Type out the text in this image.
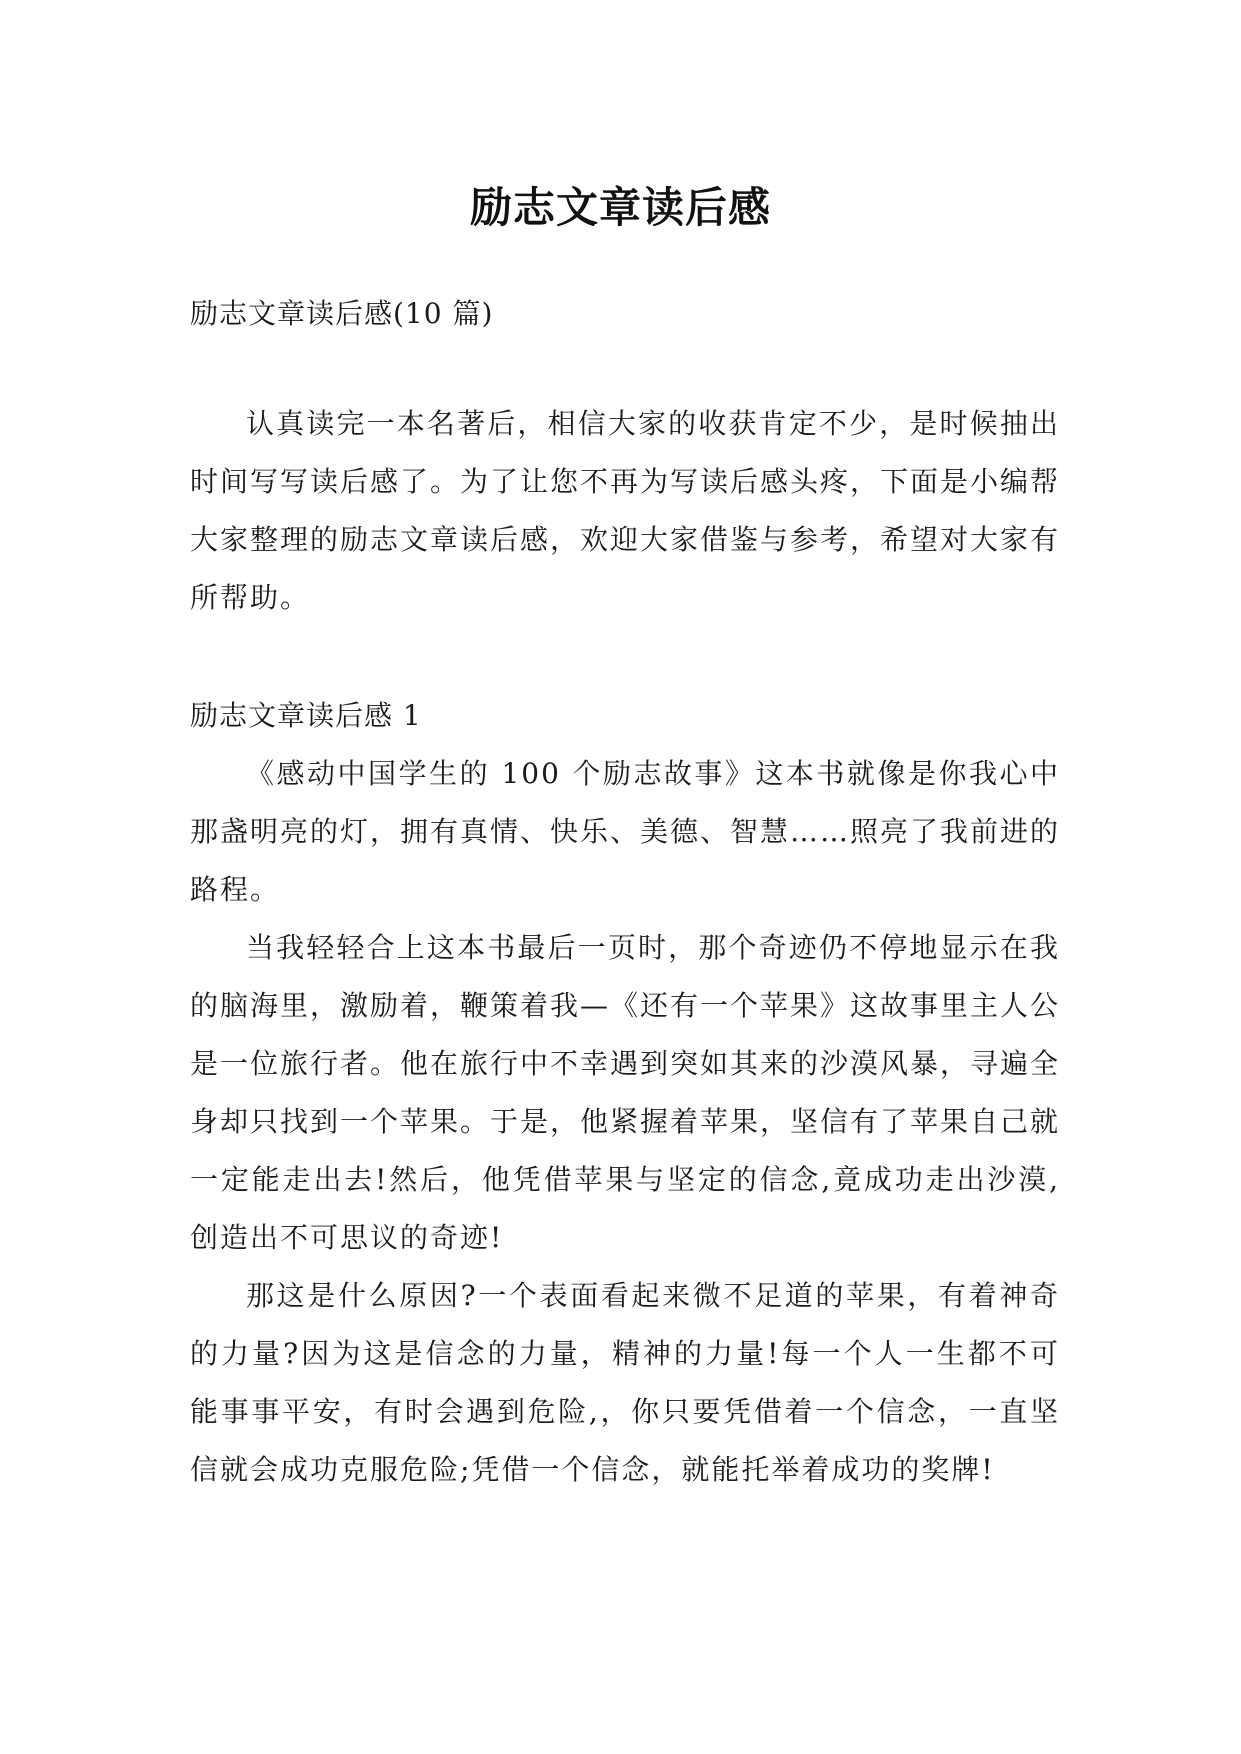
励志文章读后感

励志文章读后感(10 篇)

认真读完一本名著后，相信大家的收获肯定不少，是时候抽出时间写写读后感了。为了让您不再为写读后感头疼，下面是小编帮大家整理的励志文章读后感，欢迎大家借鉴与参考，希望对大家有所帮助。

励志文章读后感 1

《感动中国学生的 100 个励志故事》这本书就像是你我心中那盏明亮的灯，拥有真情、快乐、美德、智慧……照亮了我前进的路程。

当我轻轻合上这本书最后一页时，那个奇迹仍不停地显示在我的脑海里，激励着，鞭策着我—《还有一个苹果》这故事里主人公是一位旅行者。他在旅行中不幸遇到突如其来的沙漠风暴，寻遍全身却只找到一个苹果。于是，他紧握着苹果，坚信有了苹果自己就一定能走出去!然后，他凭借苹果与坚定的信念,竟成功走出沙漠,创造出不可思议的奇迹!

那这是什么原因?一个表面看起来微不足道的苹果，有着神奇的力量?因为这是信念的力量，精神的力量!每一个人一生都不可能事事平安，有时会遇到危险,，你只要凭借着一个信念，一直坚信就会成功克服危险;凭借一个信念，就能托举着成功的奖牌!
